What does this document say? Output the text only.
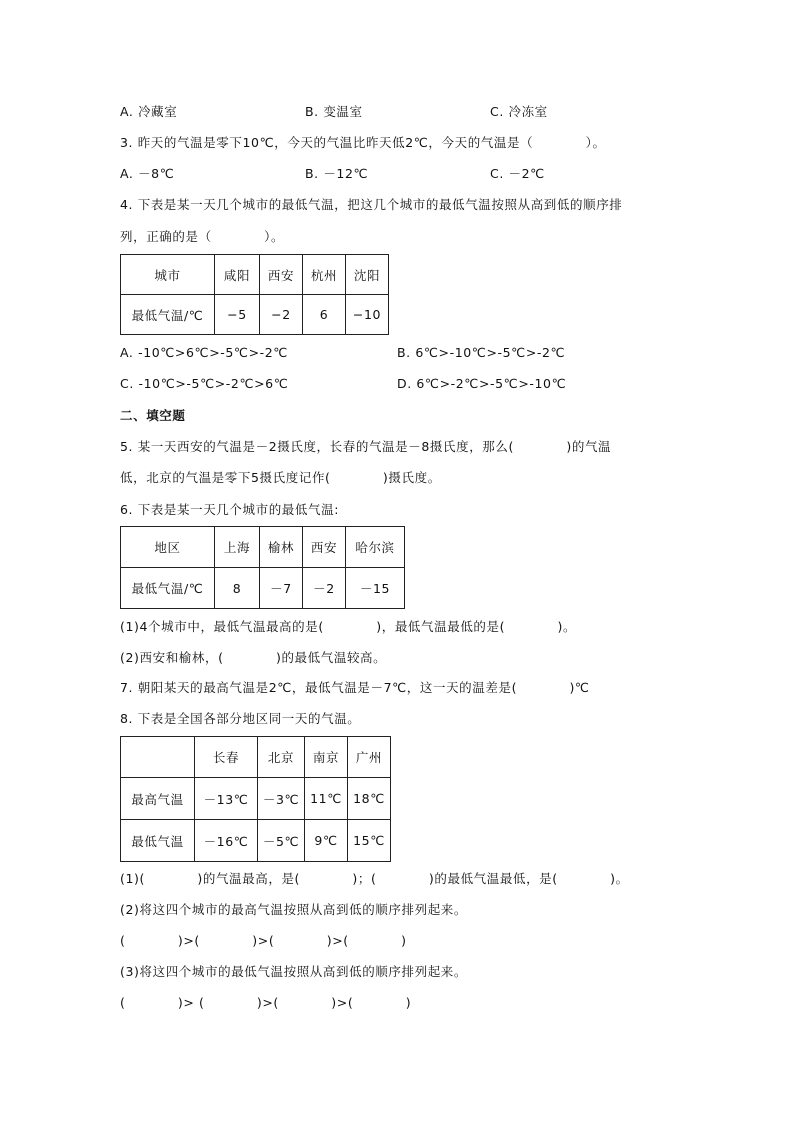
A. 冷藏室	B. 变温室	C. 冷冻室
3. 昨天的气温是零下10℃，今天的气温比昨天低2℃，今天的气温是（　　　　）。
A. －8℃	B. －12℃	C. －2℃
4. 下表是某一天几个城市的最低气温，把这几个城市的最低气温按照从高到低的顺序排
列，正确的是（　　　　）。
城市	咸阳	西安	杭州	沈阳
最低气温/℃	−5	−2	6	−10
A. -10℃>6℃>-5℃>-2℃	B. 6℃>-10℃>-5℃>-2℃
C. -10℃>-5℃>-2℃>6℃	D. 6℃>-2℃>-5℃>-10℃
二、填空题
5. 某一天西安的气温是－2摄氏度，长春的气温是－8摄氏度，那么(　　　　)的气温
低，北京的气温是零下5摄氏度记作(　　　　)摄氏度。
6. 下表是某一天几个城市的最低气温:
地区	上海	榆林	西安	哈尔滨
最低气温/℃	8	－7	－2	－15
(1)4个城市中，最低气温最高的是(　　　　)，最低气温最低的是(　　　　)。
(2)西安和榆林，(　　　　)的最低气温较高。
7. 朝阳某天的最高气温是2℃，最低气温是－7℃，这一天的温差是(　　　　)℃
8. 下表是全国各部分地区同一天的气温。
	长春	北京	南京	广州
最高气温	－13℃	－3℃	11℃	18℃
最低气温	－16℃	－5℃	9℃	15℃
(1)(　　　　)的气温最高，是(　　　　)；(　　　　)的最低气温最低，是(　　　　)。
(2)将这四个城市的最高气温按照从高到低的顺序排列起来。
(　　　　)>(　　　　)>(　　　　)>(　　　　)
(3)将这四个城市的最低气温按照从高到低的顺序排列起来。
(　　　　)> (　　　　)>(　　　　)>(　　　　)
